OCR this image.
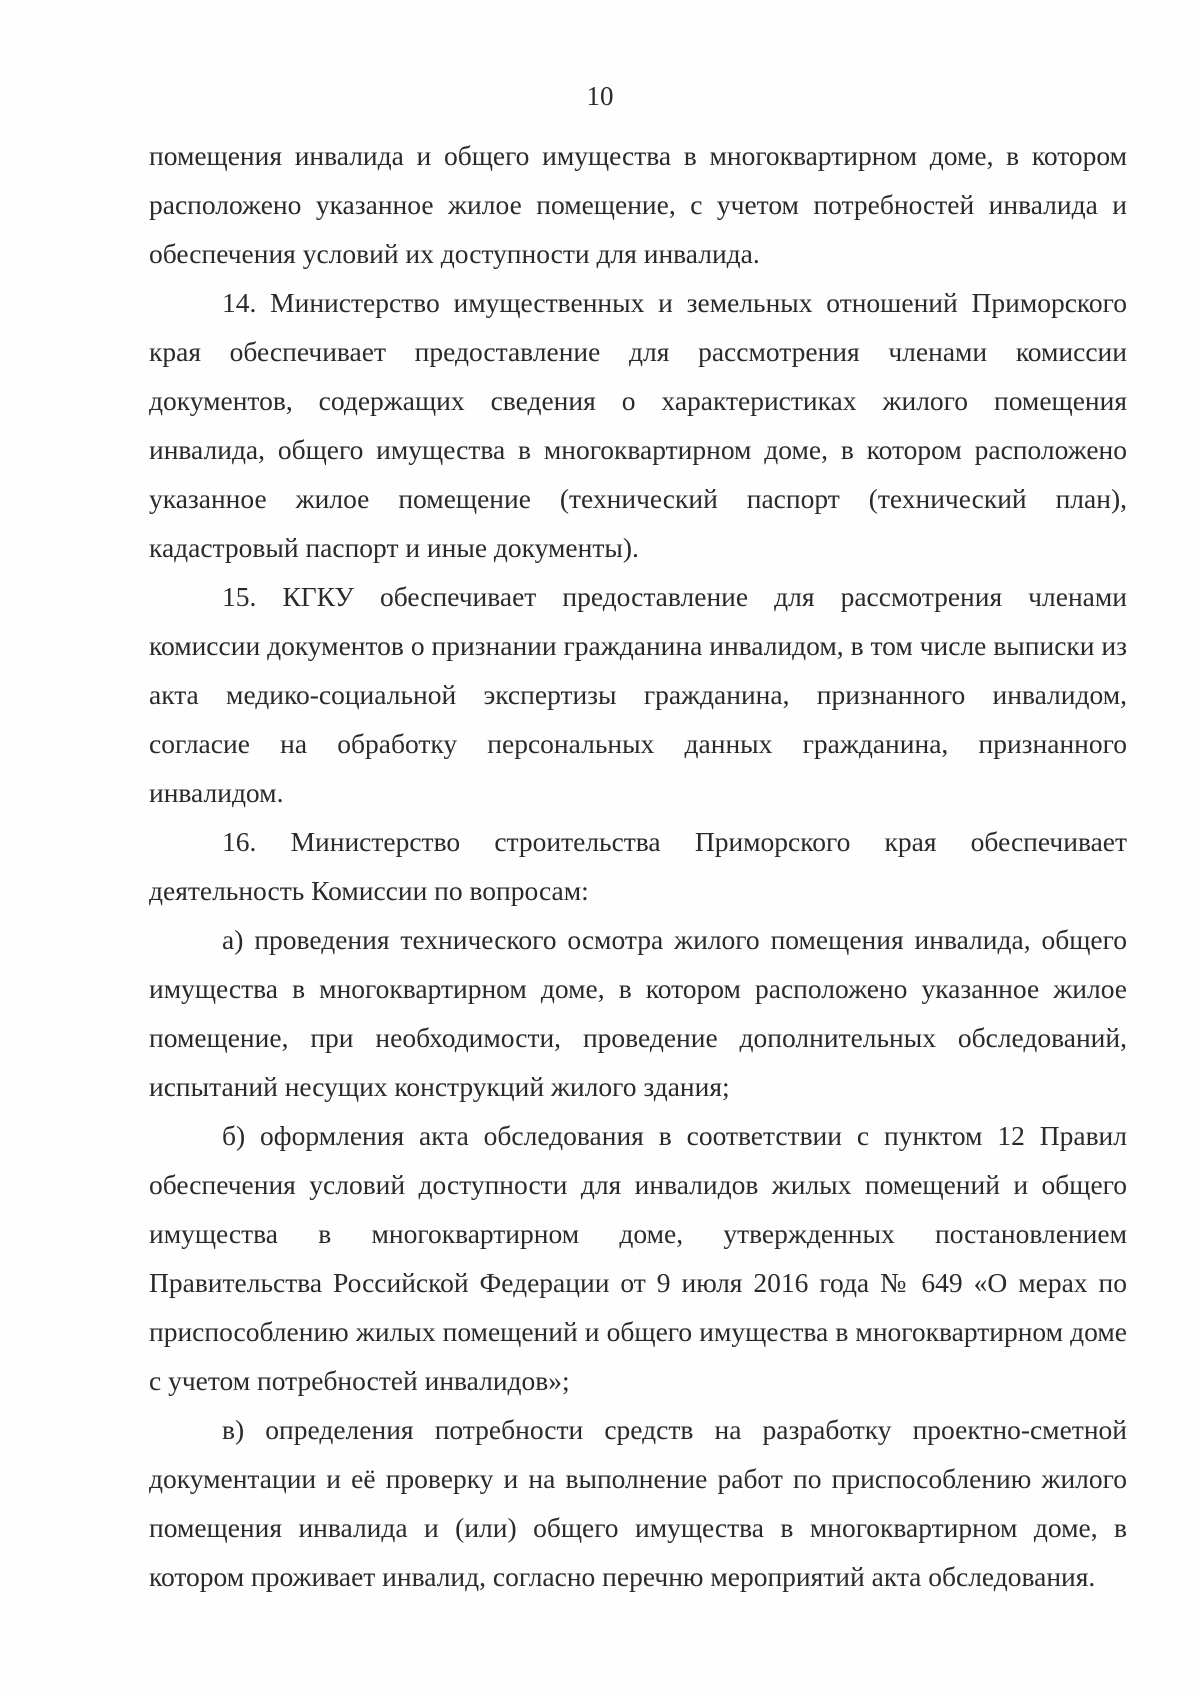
10

помещения инвалида и общего имущества в многоквартирном доме, в котором расположено указанное жилое помещение, с учетом потребностей инвалида и обеспечения условий их доступности для инвалида.

14. Министерство имущественных и земельных отношений Приморского края обеспечивает предоставление для рассмотрения членами комиссии документов, содержащих сведения о характеристиках жилого помещения инвалида, общего имущества в многоквартирном доме, в котором расположено указанное жилое помещение (технический паспорт (технический план), кадастровый паспорт и иные документы).

15. КГКУ обеспечивает предоставление для рассмотрения членами комиссии документов о признании гражданина инвалидом, в том числе выписки из акта медико-социальной экспертизы гражданина, признанного инвалидом, согласие на обработку персональных данных гражданина, признанного инвалидом.

16. Министерство строительства Приморского края обеспечивает деятельность Комиссии по вопросам:

а) проведения технического осмотра жилого помещения инвалида, общего имущества в многоквартирном доме, в котором расположено указанное жилое помещение, при необходимости, проведение дополнительных обследований, испытаний несущих конструкций жилого здания;

б) оформления акта обследования в соответствии с пунктом 12 Правил обеспечения условий доступности для инвалидов жилых помещений и общего имущества в многоквартирном доме, утвержденных постановлением Правительства Российской Федерации от 9 июля 2016 года № 649 «О мерах по приспособлению жилых помещений и общего имущества в многоквартирном доме с учетом потребностей инвалидов»;

в) определения потребности средств на разработку проектно-сметной документации и её проверку и на выполнение работ по приспособлению жилого помещения инвалида и (или) общего имущества в многоквартирном доме, в котором проживает инвалид, согласно перечню мероприятий акта обследования.
